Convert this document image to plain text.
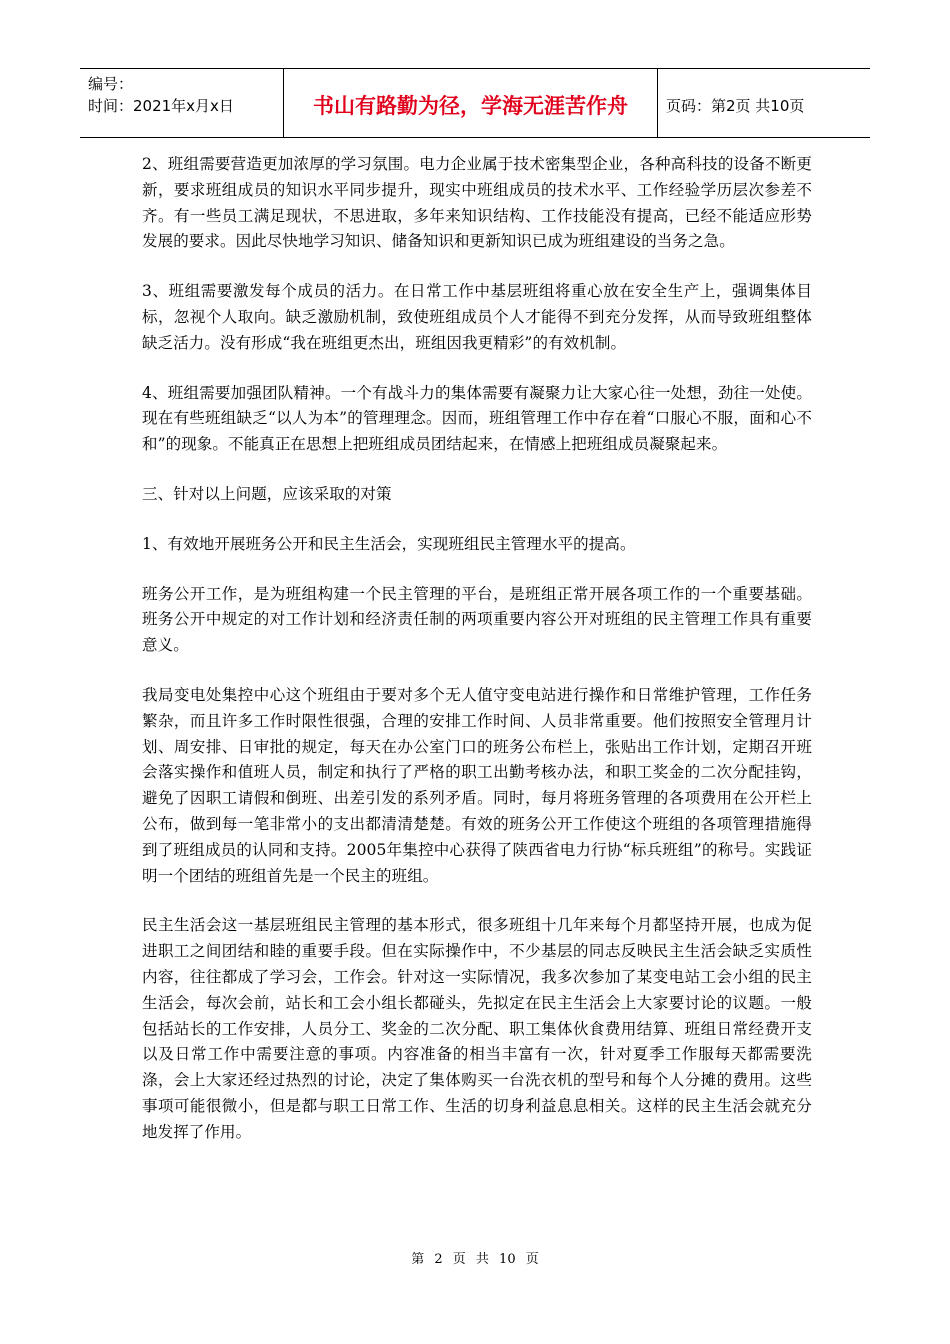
编号：
时间：2021年x月x日	书山有路勤为径，学海无涯苦作舟	页码：第2页 共10页

2、班组需要营造更加浓厚的学习氛围。电力企业属于技术密集型企业，各种高科技的设备不断更新，要求班组成员的知识水平同步提升，现实中班组成员的技术水平、工作经验学历层次参差不齐。有一些员工满足现状，不思进取，多年来知识结构、工作技能没有提高，已经不能适应形势发展的要求。因此尽快地学习知识、储备知识和更新知识已成为班组建设的当务之急。

3、班组需要激发每个成员的活力。在日常工作中基层班组将重心放在安全生产上，强调集体目标，忽视个人取向。缺乏激励机制，致使班组成员个人才能得不到充分发挥，从而导致班组整体缺乏活力。没有形成“我在班组更杰出，班组因我更精彩”的有效机制。

4、班组需要加强团队精神。一个有战斗力的集体需要有凝聚力让大家心往一处想，劲往一处使。现在有些班组缺乏“以人为本”的管理理念。因而，班组管理工作中存在着“口服心不服，面和心不和”的现象。不能真正在思想上把班组成员团结起来，在情感上把班组成员凝聚起来。

三、针对以上问题，应该采取的对策

1、有效地开展班务公开和民主生活会，实现班组民主管理水平的提高。

班务公开工作，是为班组构建一个民主管理的平台，是班组正常开展各项工作的一个重要基础。班务公开中规定的对工作计划和经济责任制的两项重要内容公开对班组的民主管理工作具有重要意义。

我局变电处集控中心这个班组由于要对多个无人值守变电站进行操作和日常维护管理，工作任务繁杂，而且许多工作时限性很强，合理的安排工作时间、人员非常重要。他们按照安全管理月计划、周安排、日审批的规定，每天在办公室门口的班务公布栏上，张贴出工作计划，定期召开班会落实操作和值班人员，制定和执行了严格的职工出勤考核办法，和职工奖金的二次分配挂钩，避免了因职工请假和倒班、出差引发的系列矛盾。同时，每月将班务管理的各项费用在公开栏上公布，做到每一笔非常小的支出都清清楚楚。有效的班务公开工作使这个班组的各项管理措施得到了班组成员的认同和支持。2005年集控中心获得了陕西省电力行协“标兵班组”的称号。实践证明一个团结的班组首先是一个民主的班组。

民主生活会这一基层班组民主管理的基本形式，很多班组十几年来每个月都坚持开展，也成为促进职工之间团结和睦的重要手段。但在实际操作中，不少基层的同志反映民主生活会缺乏实质性内容，往往都成了学习会，工作会。针对这一实际情况，我多次参加了某变电站工会小组的民主生活会，每次会前，站长和工会小组长都碰头，先拟定在民主生活会上大家要讨论的议题。一般包括站长的工作安排，人员分工、奖金的二次分配、职工集体伙食费用结算、班组日常经费开支以及日常工作中需要注意的事项。内容准备的相当丰富有一次，针对夏季工作服每天都需要洗涤，会上大家还经过热烈的讨论，决定了集体购买一台洗衣机的型号和每个人分摊的费用。这些事项可能很微小，但是都与职工日常工作、生活的切身利益息息相关。这样的民主生活会就充分地发挥了作用。

第 2 页 共 10 页
